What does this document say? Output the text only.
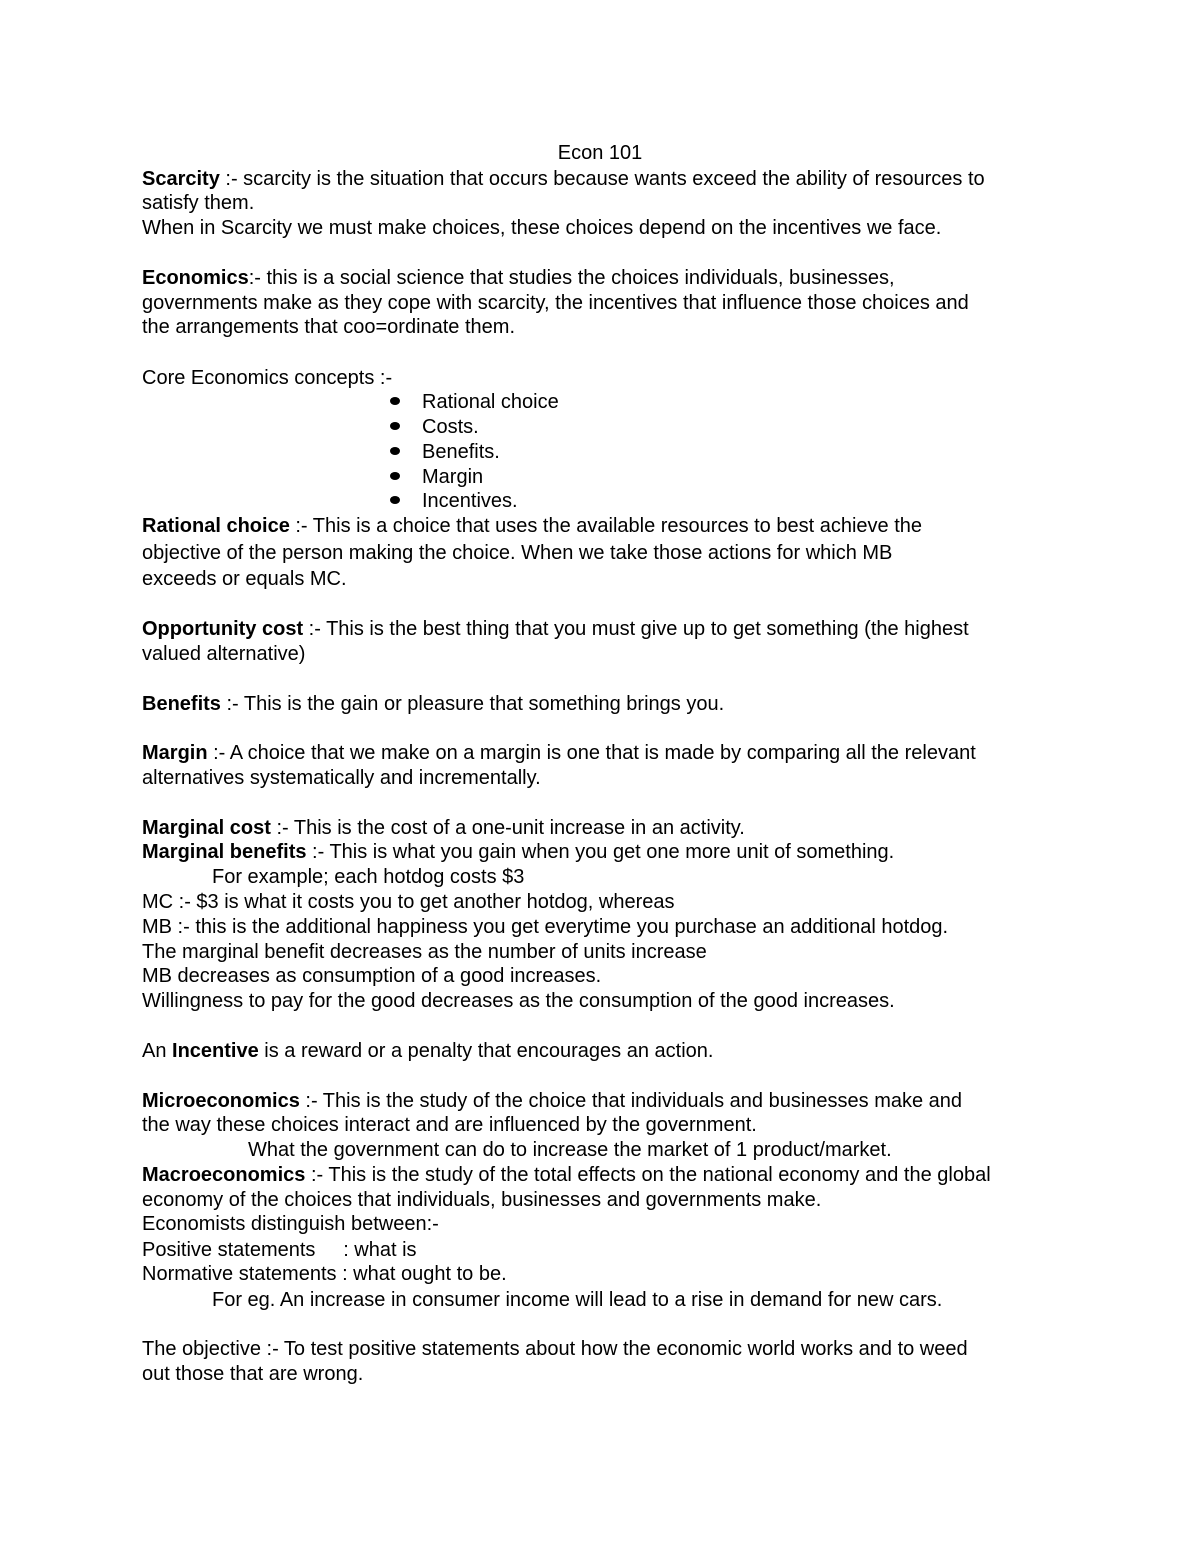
Econ 101
Scarcity :- scarcity is the situation that occurs because wants exceed the ability of resources to
satisfy them.
When in Scarcity we must make choices, these choices depend on the incentives we face.
Economics:- this is a social science that studies the choices individuals, businesses,
governments make as they cope with scarcity, the incentives that influence those choices and
the arrangements that coo=ordinate them.
Core Economics concepts :-
Rational choice
Costs.
Benefits.
Margin
Incentives.
Rational choice :- This is a choice that uses the available resources to best achieve the
objective of the person making the choice. When we take those actions for which MB
exceeds or equals MC.
Opportunity cost :- This is the best thing that you must give up to get something (the highest
valued alternative)
Benefits :- This is the gain or pleasure that something brings you.
Margin :- A choice that we make on a margin is one that is made by comparing all the relevant
alternatives systematically and incrementally.
Marginal cost :- This is the cost of a one-unit increase in an activity.
Marginal benefits :- This is what you gain when you get one more unit of something.
For example; each hotdog costs $3
MC :- $3 is what it costs you to get another hotdog, whereas
MB :- this is the additional happiness you get everytime you purchase an additional hotdog.
The marginal benefit decreases as the number of units increase
MB decreases as consumption of a good increases.
Willingness to pay for the good decreases as the consumption of the good increases.
An Incentive is a reward or a penalty that encourages an action.
Microeconomics :- This is the study of the choice that individuals and businesses make and
the way these choices interact and are influenced by the government.
What the government can do to increase the market of 1 product/market.
Macroeconomics :- This is the study of the total effects on the national economy and the global
economy of the choices that individuals, businesses and governments make.
Economists distinguish between:-
Positive statements     : what is
Normative statements : what ought to be.
For eg. An increase in consumer income will lead to a rise in demand for new cars.
The objective :- To test positive statements about how the economic world works and to weed
out those that are wrong.
